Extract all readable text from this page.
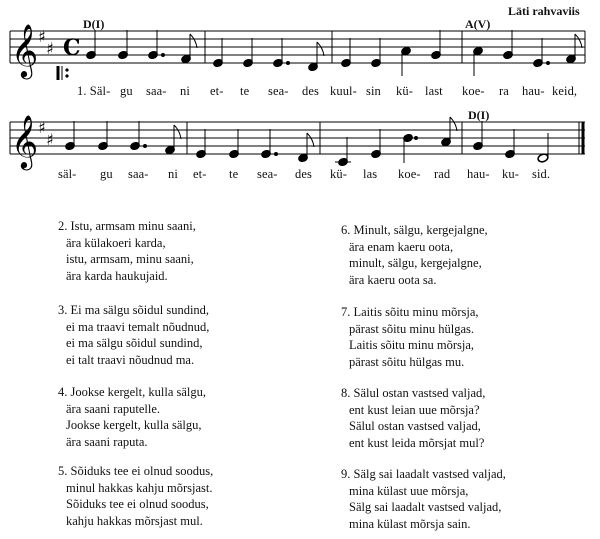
Läti rahvaviis
D(I)	A(V)
D(I)
𝄞 ♯
♯ C
1. Säl- gu saa- ni et- te sea- des kuul- sin kü- last koe- ra hau- keid,
𝄞 ♯
♯
säl- gu saa- ni et- te sea- des kü- las koe- rad hau- ku- sid.
2. Istu, armsam minu saani,
ära külakoeri karda,
istu, armsam, minu saani,
ära karda haukujaid.
3. Ei ma sälgu sõidul sundind,
ei ma traavi temalt nõudnud,
ei ma sälgu sõidul sundind,
ei talt traavi nõudnud ma.
4. Jookse kergelt, kulla sälgu,
ära saani raputelle.
Jookse kergelt, kulla sälgu,
ära saani raputa.
5. Sõiduks tee ei olnud soodus,
minul hakkas kahju mõrsjast.
Sõiduks tee ei olnud soodus,
kahju hakkas mõrsjast mul.
6. Minult, sälgu, kergejalgne,
ära enam kaeru oota,
minult, sälgu, kergejalgne,
ära kaeru oota sa.
7. Laitis sõitu minu mõrsja,
pärast sõitu minu hülgas.
Laitis sõitu minu mõrsja,
pärast sõitu hülgas mu.
8. Sälul ostan vastsed valjad,
ent kust leian uue mõrsja?
Sälul ostan vastsed valjad,
ent kust leida mõrsjat mul?
9. Sälg sai laadalt vastsed valjad,
mina külast uue mõrsja,
Sälg sai laadalt vastsed valjad,
mina külast mõrsja sain.
